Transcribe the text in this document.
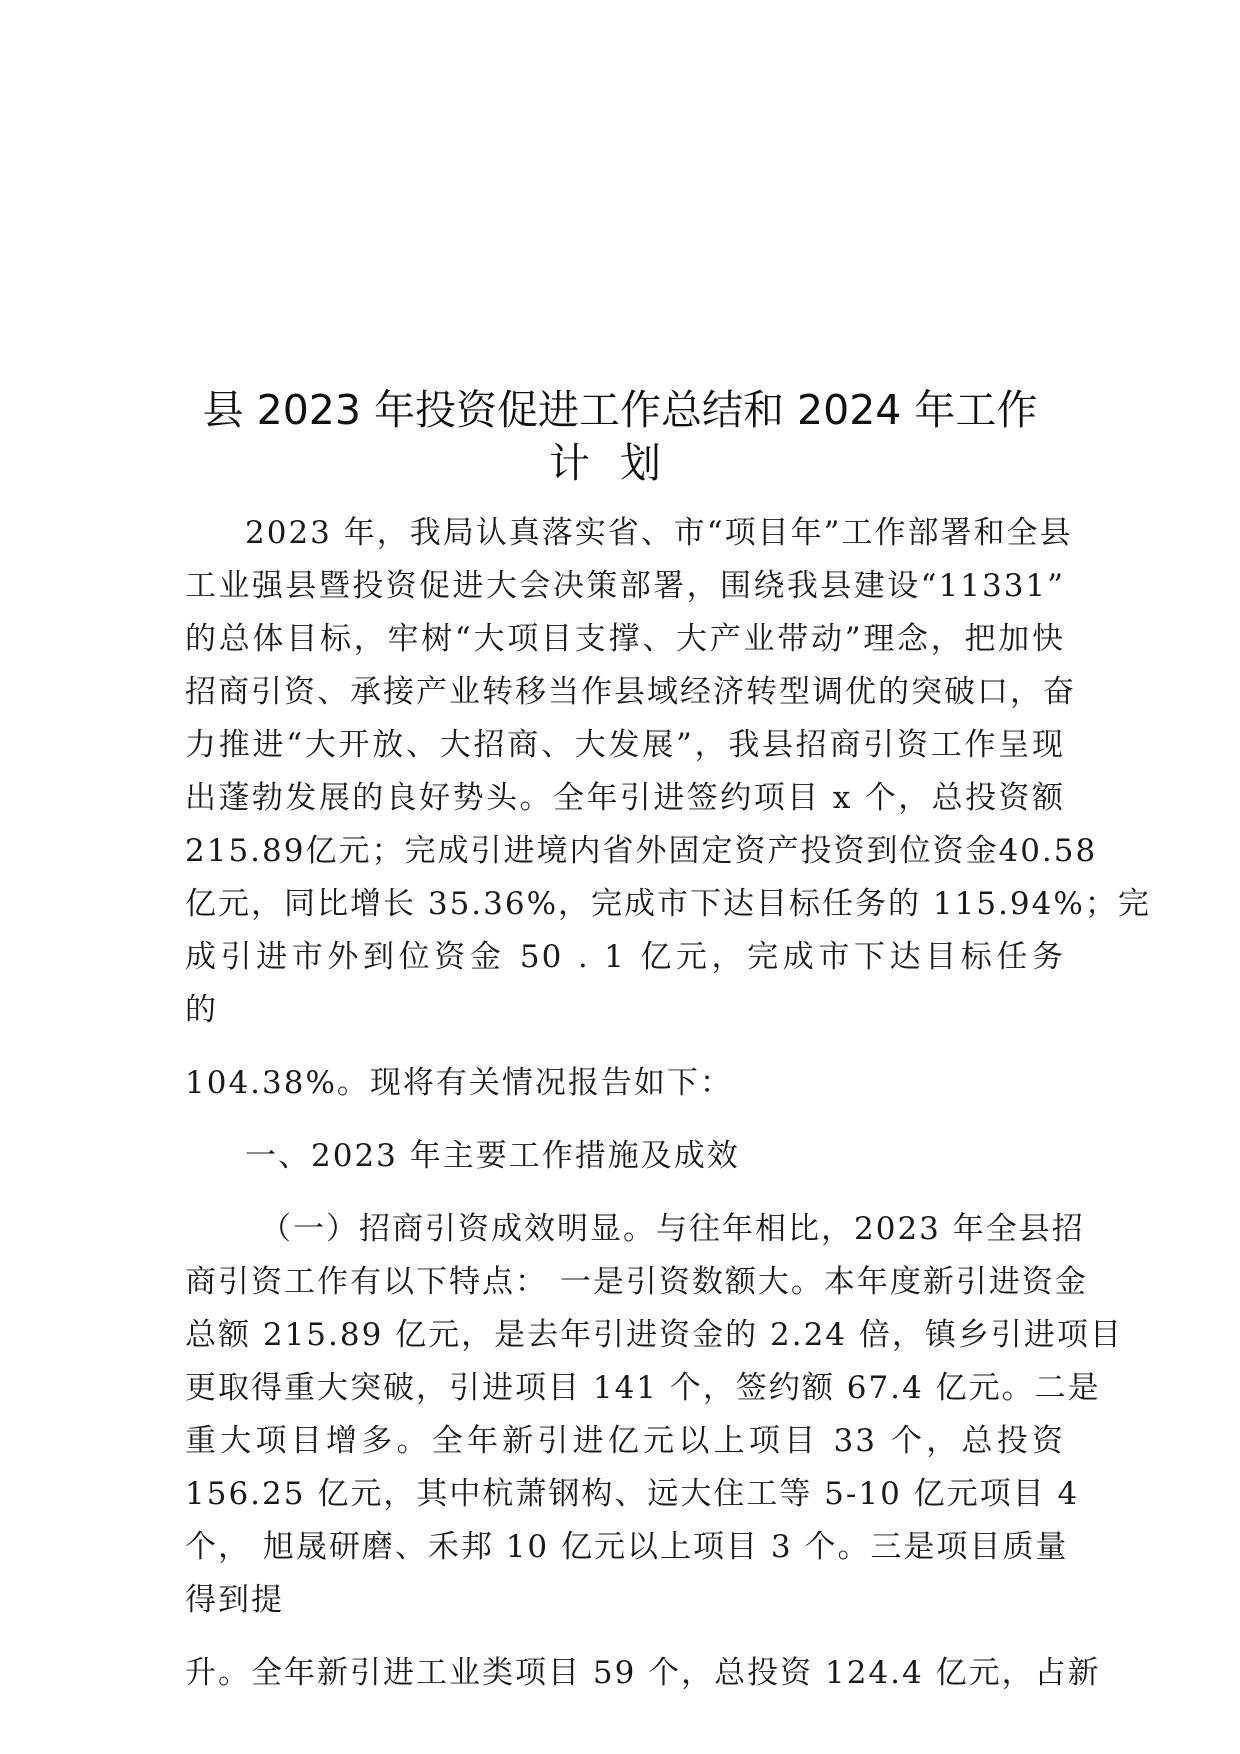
县 2023 年投资促进工作总结和 2024 年工作
计划
2023 年，我局认真落实省、市“项目年”工作部署和全县
工业强县暨投资促进大会决策部署，围绕我县建设“11331”
的总体目标，牢树“大项目支撑、大产业带动”理念，把加快
招商引资、承接产业转移当作县域经济转型调优的突破口，奋
力推进“大开放、大招商、大发展”，我县招商引资工作呈现
出蓬勃发展的良好势头。全年引进签约项目 x 个，总投资额
215.89亿元；完成引进境内省外固定资产投资到位资金40.58
亿元，同比增长 35.36%，完成市下达目标任务的 115.94%；完
成引进市外到位资金 50 . 1 亿元，完成市下达目标任务
的
104.38%。现将有关情况报告如下：
一、2023 年主要工作措施及成效
（一）招商引资成效明显。与往年相比，2023 年全县招
商引资工作有以下特点： 一是引资数额大。本年度新引进资金
总额 215.89 亿元，是去年引进资金的 2.24 倍，镇乡引进项目
更取得重大突破，引进项目 141 个，签约额 67.4 亿元。二是
重大项目增多。全年新引进亿元以上项目 33 个，总投资
156.25 亿元，其中杭萧钢构、远大住工等 5-10 亿元项目 4
个， 旭晟研磨、禾邦 10 亿元以上项目 3 个。三是项目质量
得到提
升。全年新引进工业类项目 59 个，总投资 124.4 亿元，占新
